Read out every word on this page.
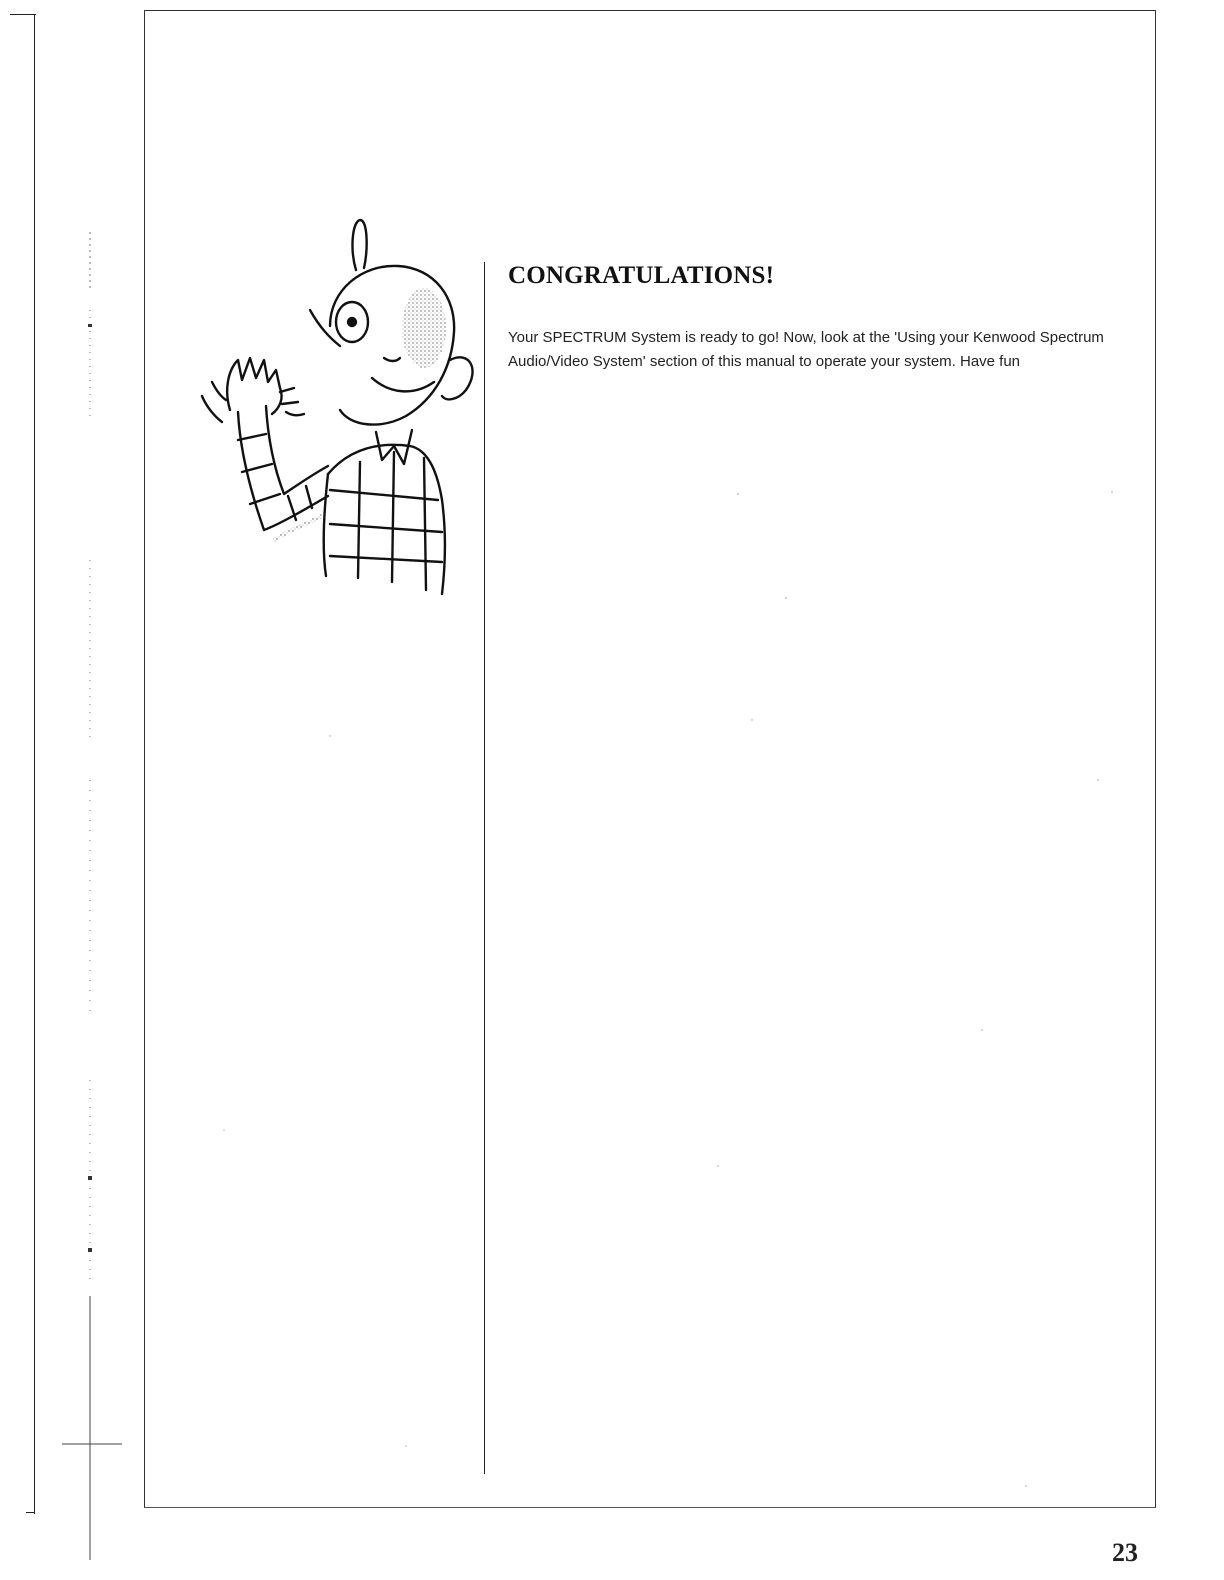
CONGRATULATIONS!

Your SPECTRUM System is ready to go! Now, look at the 'Using your Kenwood Spectrum Audio/Video System' section of this manual to operate your system. Have fun

23
